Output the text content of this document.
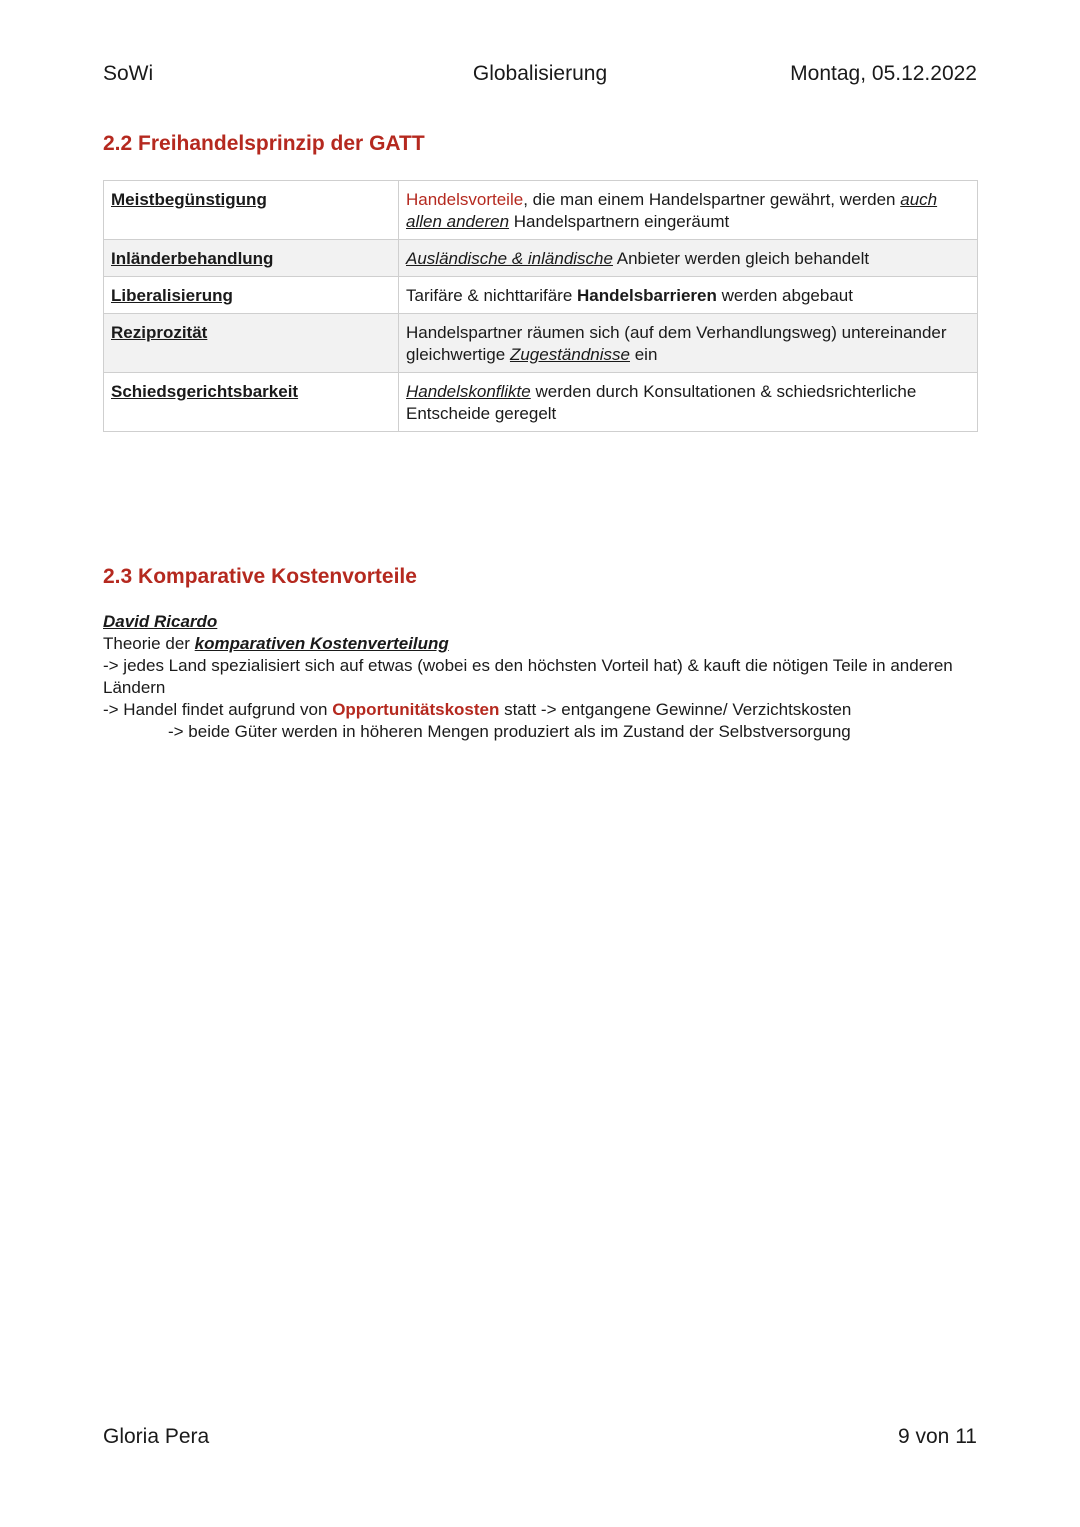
SoWi	Globalisierung	Montag, 05.12.2022
2.2 Freihandelsprinzip der GATT
Meistbegünstigung	Handelsvorteile, die man einem Handelspartner gewährt, werden auch allen anderen Handelspartnern eingeräumt
Inländerbehandlung	Ausländische & inländische Anbieter werden gleich behandelt
Liberalisierung	Tarifäre & nichttarifäre Handelsbarrieren werden abgebaut
Reziprozität	Handelspartner räumen sich (auf dem Verhandlungsweg) untereinander gleichwertige Zugeständnisse ein
Schiedsgerichtsbarkeit	Handelskonflikte werden durch Konsultationen & schiedsrichterliche Entscheide geregelt
2.3 Komparative Kostenvorteile

David Ricardo

Theorie der komparativen Kostenverteilung

-> jedes Land spezialisiert sich auf etwas (wobei es den höchsten Vorteil hat) & kauft die nötigen Teile in anderen Ländern

-> Handel findet aufgrund von Opportunitätskosten statt -> entgangene Gewinne/ Verzichtskosten

-> beide Güter werden in höheren Mengen produziert als im Zustand der Selbstversorgung

Gloria Pera	9 von 11
